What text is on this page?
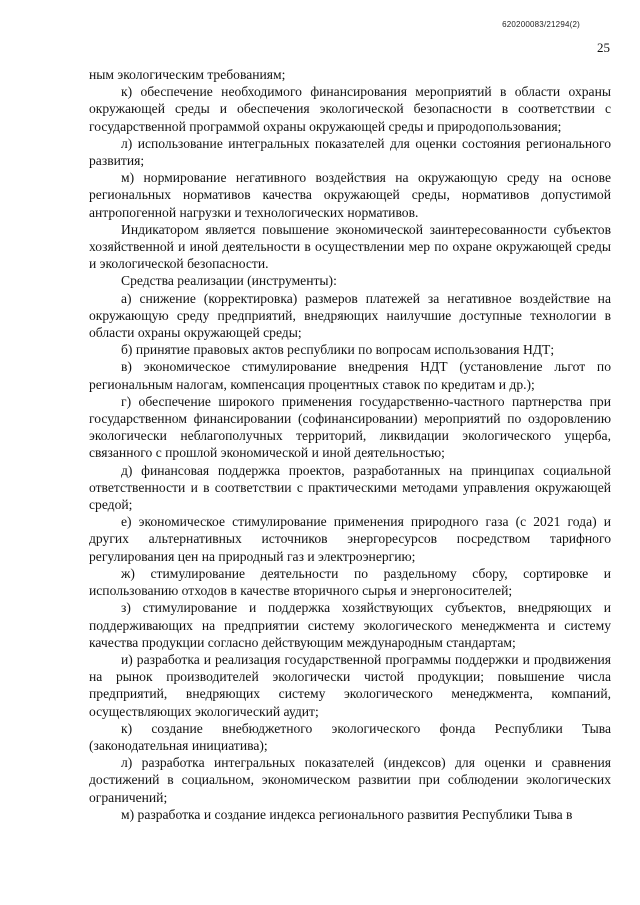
620200083/21294(2)
25

ным экологическим требованиям;

к) обеспечение необходимого финансирования мероприятий в области охраны окружающей среды и обеспечения экологической безопасности в соответствии с государственной программой охраны окружающей среды и природопользования;

л) использование интегральных показателей для оценки состояния регионального развития;

м) нормирование негативного воздействия на окружающую среду на основе региональных нормативов качества окружающей среды, нормативов допустимой антропогенной нагрузки и технологических нормативов.

Индикатором является повышение экономической заинтересованности субъектов хозяйственной и иной деятельности в осуществлении мер по охране окружающей среды и экологической безопасности.

Средства реализации (инструменты):

а) снижение (корректировка) размеров платежей за негативное воздействие на окружающую среду предприятий, внедряющих наилучшие доступные технологии в области охраны окружающей среды;

б) принятие правовых актов республики по вопросам использования НДТ;

в) экономическое стимулирование внедрения НДТ (установление льгот по региональным налогам, компенсация процентных ставок по кредитам и др.);

г) обеспечение широкого применения государственно-частного партнерства при государственном финансировании (софинансировании) мероприятий по оздоровлению экологически неблагополучных территорий, ликвидации экологического ущерба, связанного с прошлой экономической и иной деятельностью;

д) финансовая поддержка проектов, разработанных на принципах социальной ответственности и в соответствии с практическими методами управления окружающей средой;

е) экономическое стимулирование применения природного газа (с 2021 года) и других альтернативных источников энергоресурсов посредством тарифного регулирования цен на природный газ и электроэнергию;

ж) стимулирование деятельности по раздельному сбору, сортировке и использованию отходов в качестве вторичного сырья и энергоносителей;

з) стимулирование и поддержка хозяйствующих субъектов, внедряющих и поддерживающих на предприятии систему экологического менеджмента и систему качества продукции согласно действующим международным стандартам;

и) разработка и реализация государственной программы поддержки и продвижения на рынок производителей экологически чистой продукции; повышение числа предприятий, внедряющих систему экологического менеджмента, компаний, осуществляющих экологический аудит;

к) создание внебюджетного экологического фонда Республики Тыва (законодательная инициатива);

л) разработка интегральных показателей (индексов) для оценки и сравнения достижений в социальном, экономическом развитии при соблюдении экологических ограничений;

м) разработка и создание индекса регионального развития Республики Тыва в
